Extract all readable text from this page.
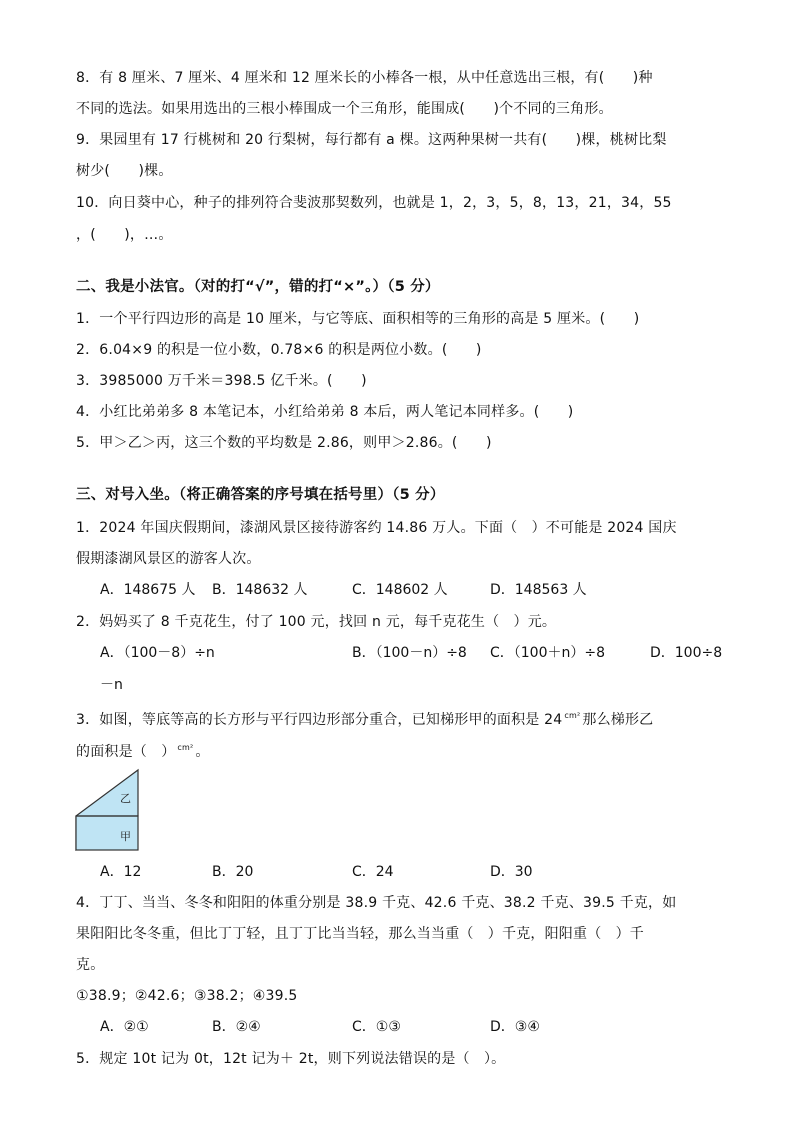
8．有 8 厘米、7 厘米、4 厘米和 12 厘米长的小棒各一根，从中任意选出三根，有(　　)种
不同的选法。如果用选出的三根小棒围成一个三角形，能围成(　　)个不同的三角形。
9．果园里有 17 行桃树和 20 行梨树，每行都有 a 棵。这两种果树一共有(　　)棵，桃树比梨
树少(　　)棵。
10．向日葵中心，种子的排列符合斐波那契数列，也就是 1，2，3，5，8，13，21，34，55
，(　　)，…。
二、我是小法官。（对的打“√”，错的打“×”。）（5 分）
1．一个平行四边形的高是 10 厘米，与它等底、面积相等的三角形的高是 5 厘米。(　　)
2．6.04×9 的积是一位小数，0.78×6 的积是两位小数。(　　)
3．3985000 万千米＝398.5 亿千米。(　　)
4．小红比弟弟多 8 本笔记本，小红给弟弟 8 本后，两人笔记本同样多。(　　)
5．甲＞乙＞丙，这三个数的平均数是 2.86，则甲＞2.86。(　　)
三、对号入坐。（将正确答案的序号填在括号里）（5 分）
1．2024 年国庆假期间，漆湖风景区接待游客约 14.86 万人。下面（　）不可能是 2024 国庆
假期漆湖风景区的游客人次。
A．148675 人 B．148632 人	C．148602 人	D．148563 人
2．妈妈买了 8 千克花生，付了 100 元，找回 n 元，每千克花生（　）元。
A．（100－8）÷n	B．（100－n）÷8 C．（100＋n）÷8	D．100÷8
－n
3．如图，等底等高的长方形与平行四边形部分重合，已知梯形甲的面积是 24 $^{cm^2}$ 那么梯形乙
的面积是（　） $^{cm^2}$ 。
乙
甲
A．12	B．20	C．24	D．30
4．丁丁、当当、冬冬和阳阳的体重分别是 38.9 千克、42.6 千克、38.2 千克、39.5 千克，如
果阳阳比冬冬重，但比丁丁轻，且丁丁比当当轻，那么当当重（　）千克，阳阳重（　）千
克。
①38.9；②42.6；③38.2；④39.5
A．②①	B．②④	C．①③	D．③④
5．规定 10t 记为 0t，12t 记为＋ 2t，则下列说法错误的是（　）。
